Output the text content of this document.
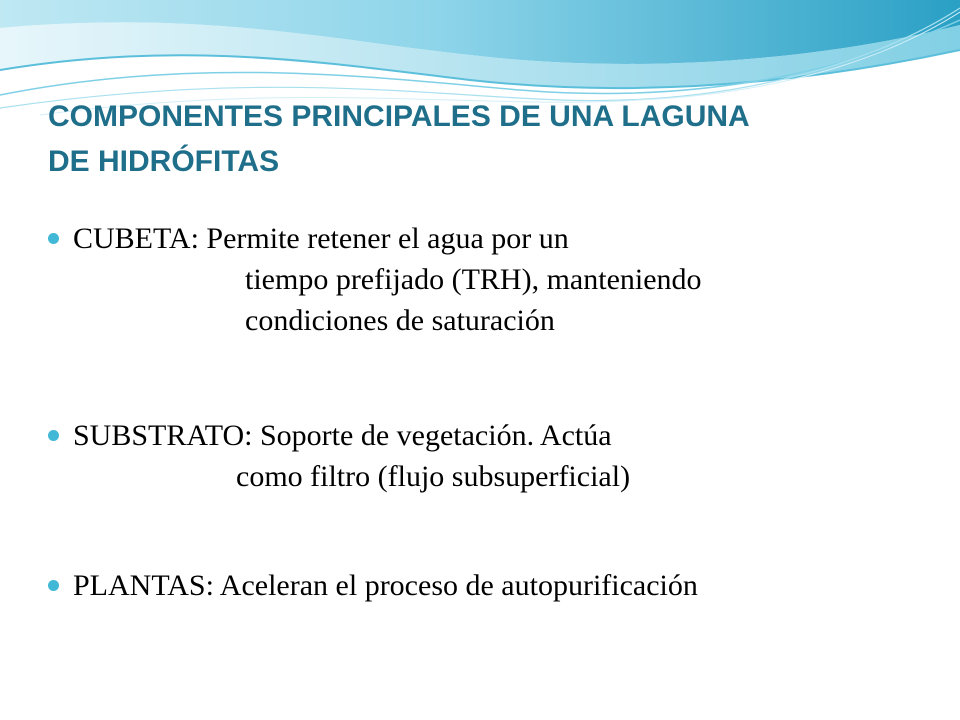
COMPONENTES PRINCIPALES DE UNA LAGUNA
DE HIDRÓFITAS
CUBETA: Permite retener el agua por un
tiempo prefijado (TRH), manteniendo
condiciones de saturación
SUBSTRATO: Soporte de vegetación. Actúa
como filtro (flujo subsuperficial)
PLANTAS: Aceleran el proceso de autopurificación
